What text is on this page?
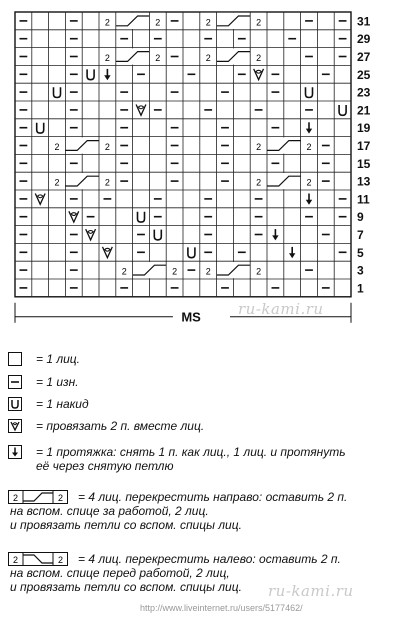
2	2	2	2
2	2	2	2
2	2	2	2
2	2	2	2
2	2	2	2
31
29
27
25
23
21
19
17
15
13
11
9
7
5
3
1
MS ru-kami.ru
= 1 лиц.
= 1 изн.
= 1 накид
= провязать 2 п. вместе лиц.
= 1 протяжка: снять 1 п. как лиц., 1 лиц. и протянуть
её через снятую петлю
2	2 = 4 лиц. перекрестить направо: оставить 2 п.
на вспом. спице за работой, 2 лиц.
и провязать петли со вспом. спицы лиц.
2	2 = 4 лиц. перекрестить налево: оставить 2 п.
на вспом. спице перед работой, 2 лиц,
и провязать петли со вспом. спицы лиц. ru-kami.ru
http://www.liveinternet.ru/users/5177462/
